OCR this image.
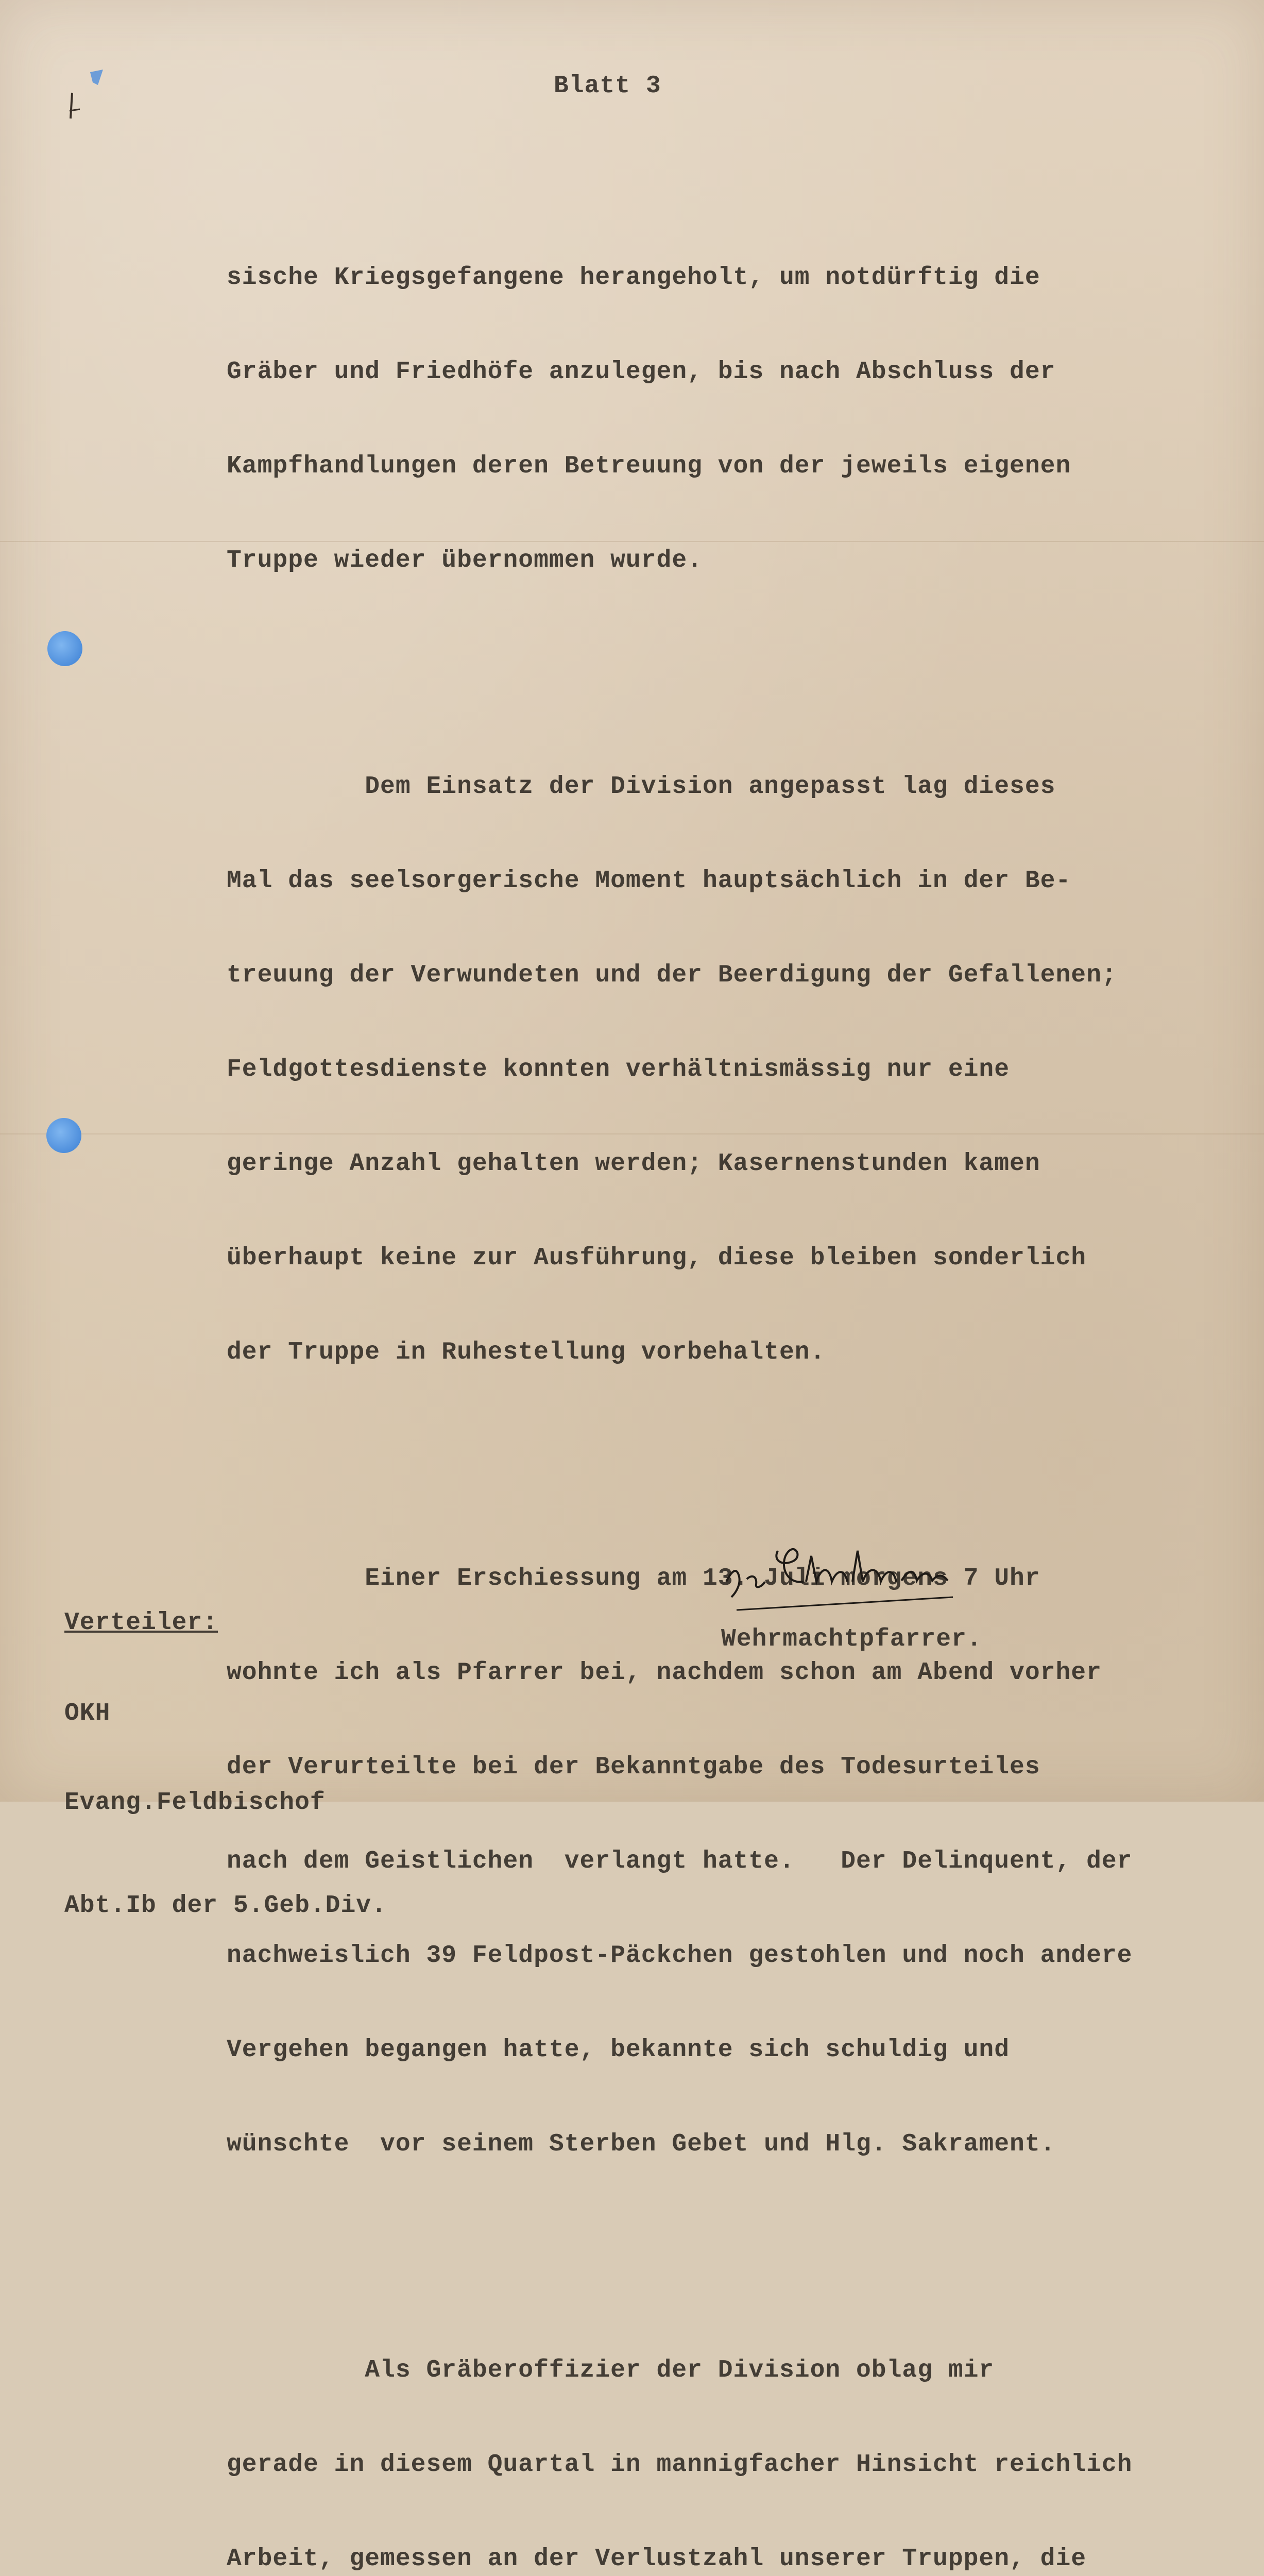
Blatt 3

sische Kriegsgefangene herangeholt, um notdürftig die

Gräber und Friedhöfe anzulegen, bis nach Abschluss der

Kampfhandlungen deren Betreuung von der jeweils eigenen

Truppe wieder übernommen wurde.

Dem Einsatz der Division angepasst lag dieses

Mal das seelsorgerische Moment hauptsächlich in der Be-

treuung der Verwundeten und der Beerdigung der Gefallenen;

Feldgottesdienste konnten verhältnismässig nur eine

geringe Anzahl gehalten werden; Kasernenstunden kamen

überhaupt keine zur Ausführung, diese bleiben sonderlich

der Truppe in Ruhestellung vorbehalten.

Einer Erschiessung am 13. Juli morgens 7 Uhr

wohnte ich als Pfarrer bei, nachdem schon am Abend vorher

der Verurteilte bei der Bekanntgabe des Todesurteiles

nach dem Geistlichen  verlangt hatte.   Der Delinquent, der

nachweislich 39 Feldpost-Päckchen gestohlen und noch andere

Vergehen begangen hatte, bekannte sich schuldig und

wünschte  vor seinem Sterben Gebet und Hlg. Sakrament.

Als Gräberoffizier der Division oblag mir

gerade in diesem Quartal in mannigfacher Hinsicht reichlich

Arbeit, gemessen an der Verlustzahl unserer Truppen, die

Verteiler:

OKH

Evang.Feldbischof

Abt.Ib der 5.Geb.Div.

Wehrmachtpfarrer.
